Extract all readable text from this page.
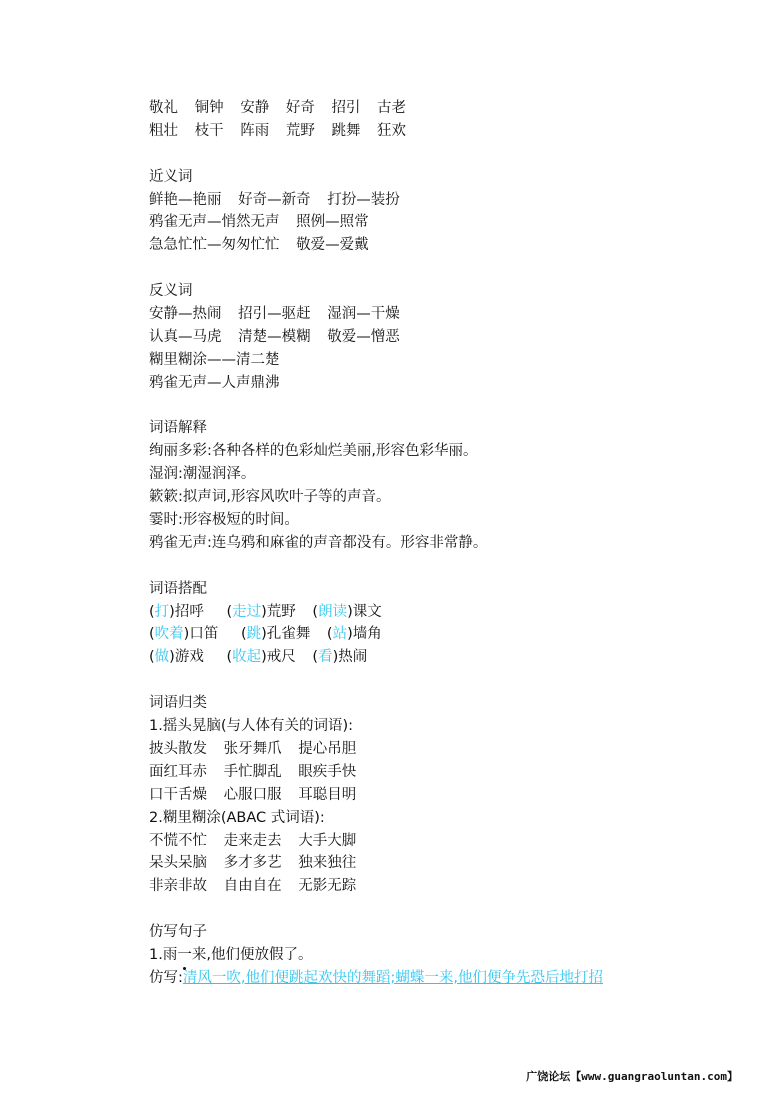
敬礼 铜钟 安静 好奇 招引 古老
粗壮 枝干 阵雨 荒野 跳舞 狂欢
近义词
鲜艳—艳丽 好奇—新奇 打扮—装扮
鸦雀无声—悄然无声 照例—照常
急急忙忙—匆匆忙忙 敬爱—爱戴
反义词
安静—热闹 招引—驱赶 湿润—干燥
认真—马虎 清楚—模糊 敬爱—憎恶
糊里糊涂——清二楚
鸦雀无声—人声鼎沸
词语解释
绚丽多彩:各种各样的色彩灿烂美丽,形容色彩华丽。
湿润:潮湿润泽。
簌簌:拟声词,形容风吹叶子等的声音。
霎时:形容极短的时间。
鸦雀无声:连乌鸦和麻雀的声音都没有。形容非常静。
词语搭配
(打)招呼 (走过)荒野 (朗读)课文
(吹着)口笛 (跳)孔雀舞 (站)墙角
(做)游戏 (收起)戒尺 (看)热闹
词语归类
1.摇头晃脑(与人体有关的词语):
披头散发 张牙舞爪 提心吊胆
面红耳赤 手忙脚乱 眼疾手快
口干舌燥 心服口服 耳聪目明
2.糊里糊涂(ABAC 式词语):
不慌不忙 走来走去 大手大脚
呆头呆脑 多才多艺 独来独往
非亲非故 自由自在 无影无踪
仿写句子
1.雨一来,他们便放假了。
仿写:清风一吹,他们便跳起欢快的舞蹈;蝴蝶一来,他们便争先恐后地打招
广饶论坛【www.guangraoluntan.com】
